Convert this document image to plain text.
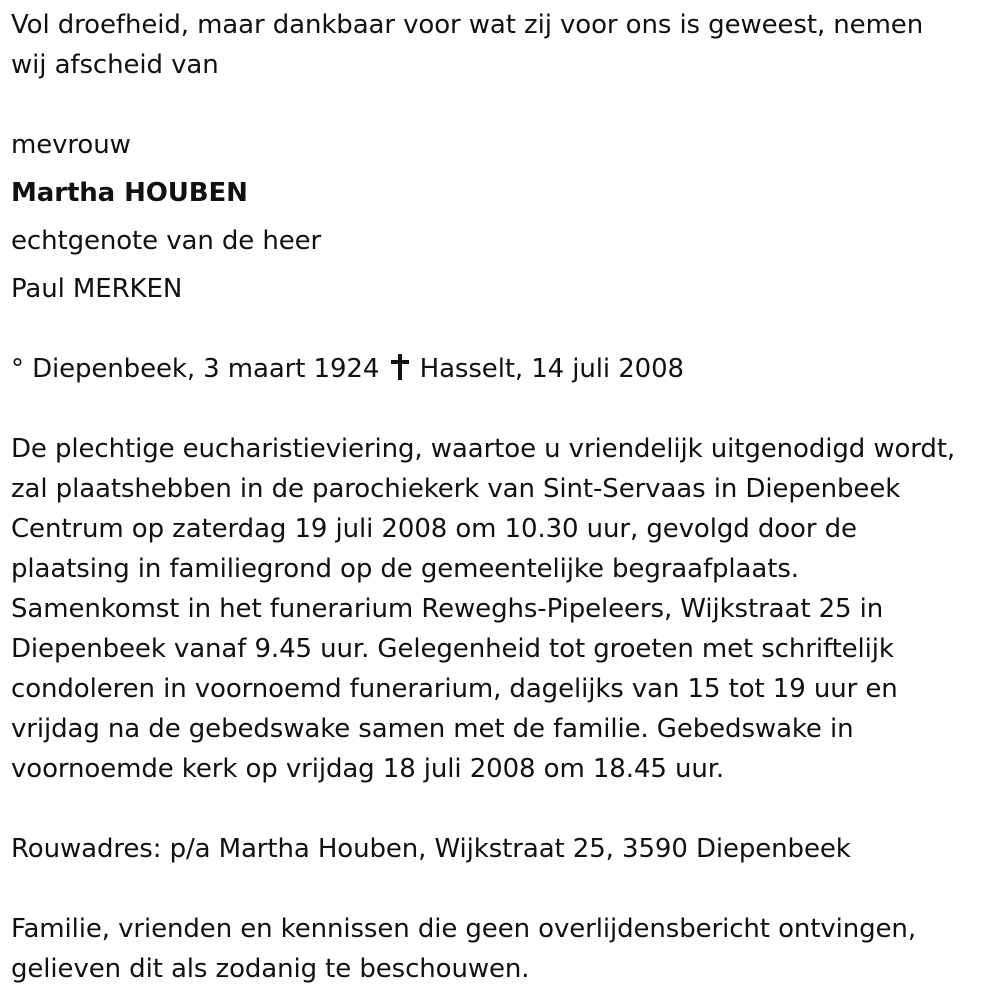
Vol droefheid, maar dankbaar voor wat zij voor ons is geweest, nemen
wij afscheid van
mevrouw
Martha HOUBEN
echtgenote van de heer
Paul MERKEN
° Diepenbeek, 3 maart 1924 Hasselt, 14 juli 2008
De plechtige eucharistieviering, waartoe u vriendelijk uitgenodigd wordt,
zal plaatshebben in de parochiekerk van Sint-Servaas in Diepenbeek
Centrum op zaterdag 19 juli 2008 om 10.30 uur, gevolgd door de
plaatsing in familiegrond op de gemeentelijke begraafplaats.
Samenkomst in het funerarium Reweghs-Pipeleers, Wijkstraat 25 in
Diepenbeek vanaf 9.45 uur. Gelegenheid tot groeten met schriftelijk
condoleren in voornoemd funerarium, dagelijks van 15 tot 19 uur en
vrijdag na de gebedswake samen met de familie. Gebedswake in
voornoemde kerk op vrijdag 18 juli 2008 om 18.45 uur.
Rouwadres: p/a Martha Houben, Wijkstraat 25, 3590 Diepenbeek
Familie, vrienden en kennissen die geen overlijdensbericht ontvingen,
gelieven dit als zodanig te beschouwen.
